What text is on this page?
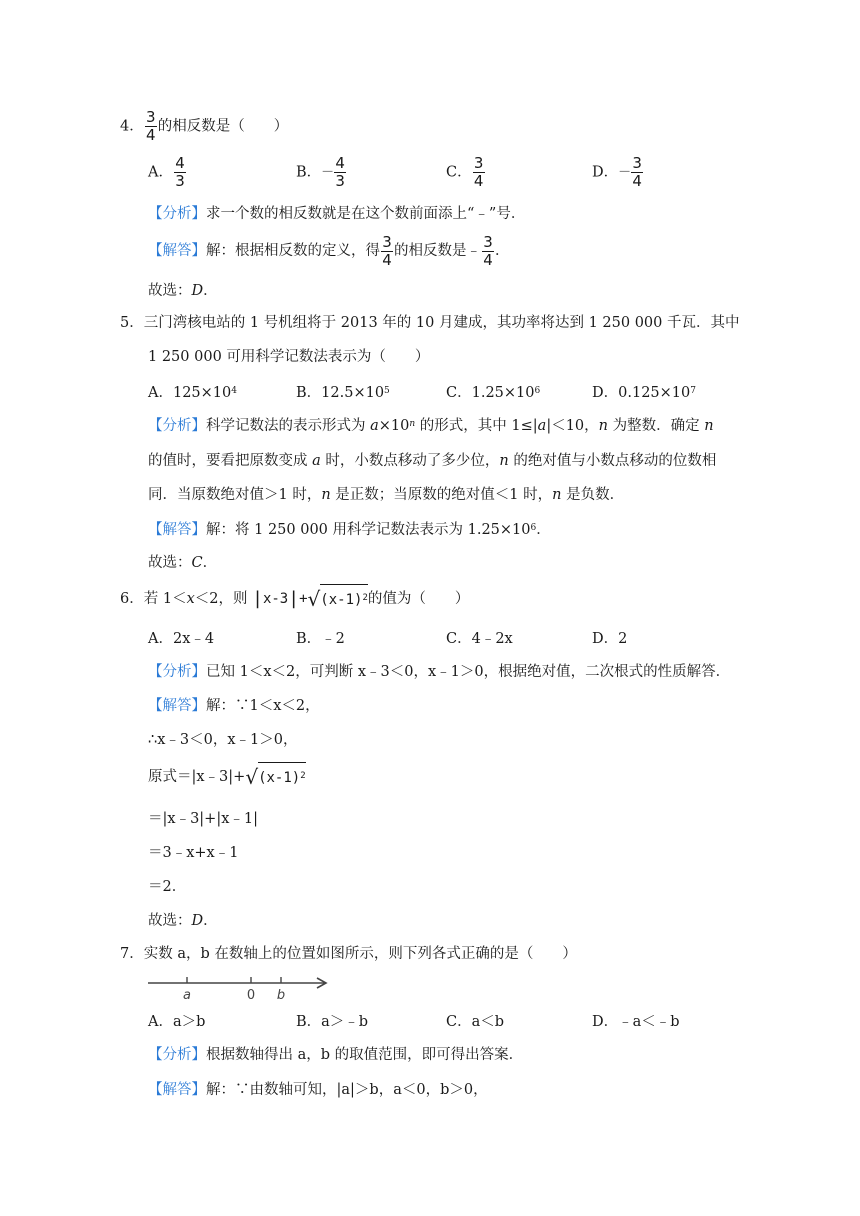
4． $\frac{3}{4}$ 的相反数是（　　）
A． $\frac{4}{3}$	B．－ $\frac{4}{3}$	C． $\frac{3}{4}$	D．－ $\frac{3}{4}$
【分析】求一个数的相反数就是在这个数前面添上“﹣”号．
【解答】解：根据相反数的定义，得 $\frac{3}{4}$ 的相反数是﹣ $\frac{3}{4}$ ．
故选：D．
5．三门湾核电站的 1 号机组将于 2013 年的 10 月建成，其功率将达到 1 250 000 千瓦．其中
1 250 000 可用科学记数法表示为（　　）
A．$125\times 10^4$	B．$12.5\times 10^5$	C．$1.25\times 10^6$	D．$0.125\times 10^7$
【分析】科学记数法的表示形式为 $a\times 10^n$ 的形式，其中 1≤|a|＜10，n 为整数．确定 n
的值时，要看把原数变成 a 时，小数点移动了多少位，n 的绝对值与小数点移动的位数相
同．当原数绝对值＞1 时，n 是正数；当原数的绝对值＜1 时，n 是负数．
【解答】解：将 1 250 000 用科学记数法表示为 $1.25\times 10^6$．
故选：C．
6．若 1＜x＜2，则 | x-3 | + √ $(x-1)^2$ 的值为（　　）
A．2x﹣4	B．﹣2	C．4﹣2x	D．2
【分析】已知 1＜x＜2，可判断 x﹣3＜0，x﹣1＞0，根据绝对值，二次根式的性质解答．
【解答】解：∵1＜x＜2，
∴x﹣3＜0，x﹣1＞0，
原式＝|x﹣3|+ √ $(x-1)^2$
＝|x﹣3|+|x﹣1|
＝3﹣x+x﹣1
＝2．
故选：D．
7．实数 a，b 在数轴上的位置如图所示，则下列各式正确的是（　　）
a	0 b
A．a＞b	B．a＞﹣b	C．a＜b	D．﹣a＜﹣b
【分析】根据数轴得出 a，b 的取值范围，即可得出答案．
【解答】解：∵由数轴可知，|a|＞b，a＜0，b＞0，
